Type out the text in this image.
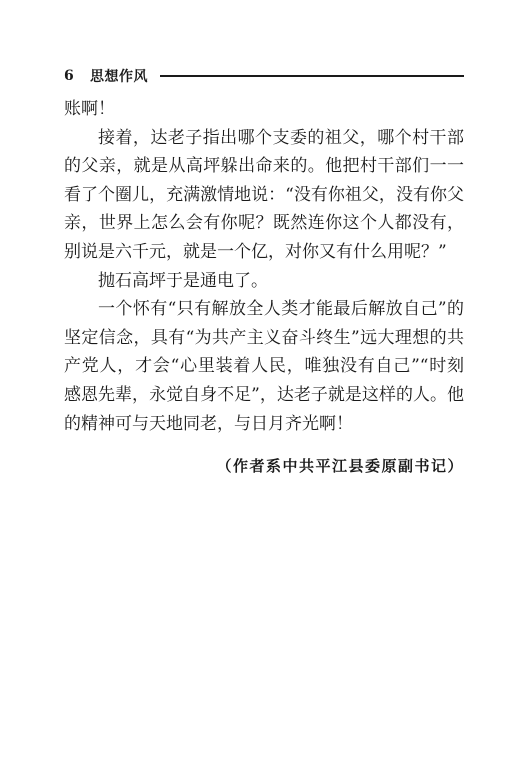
6	思想作风

账啊！

接着，达老子指出哪个支委的祖父，哪个村干部的父亲，就是从高坪躲出命来的。他把村干部们一一看了个圈儿，充满激情地说：“没有你祖父，没有你父亲，世界上怎么会有你呢？既然连你这个人都没有，别说是六千元，就是一个亿，对你又有什么用呢？”

抛石高坪于是通电了。

一个怀有“只有解放全人类才能最后解放自己”的坚定信念，具有“为共产主义奋斗终生”远大理想的共产党人，才会“心里装着人民，唯独没有自己”“时刻感恩先辈，永觉自身不足”，达老子就是这样的人。他的精神可与天地同老，与日月齐光啊！

（作者系中共平江县委原副书记）
